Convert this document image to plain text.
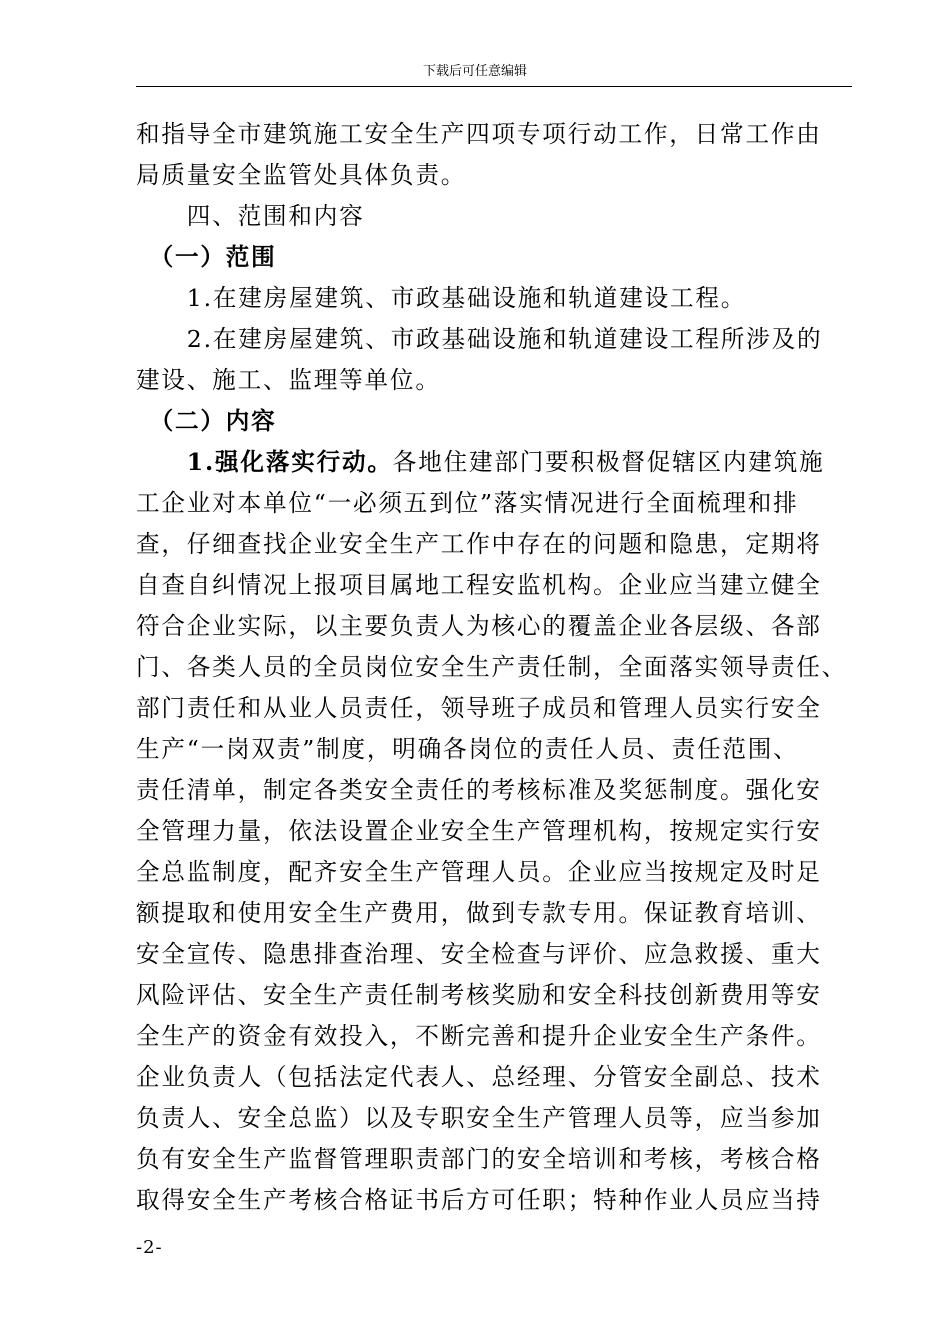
下载后可任意编辑
和指导全市建筑施工安全生产四项专项行动工作，日常工作由
局质量安全监管处具体负责。
　　四、范围和内容
　（一）范围
　　1.在建房屋建筑、市政基础设施和轨道建设工程。
　　2.在建房屋建筑、市政基础设施和轨道建设工程所涉及的
建设、施工、监理等单位。
　（二）内容
　　1.强化落实行动。各地住建部门要积极督促辖区内建筑施
工企业对本单位“一必须五到位”落实情况进行全面梳理和排
查，仔细查找企业安全生产工作中存在的问题和隐患，定期将
自查自纠情况上报项目属地工程安监机构。企业应当建立健全
符合企业实际，以主要负责人为核心的覆盖企业各层级、各部
门、各类人员的全员岗位安全生产责任制，全面落实领导责任、
部门责任和从业人员责任，领导班子成员和管理人员实行安全
生产“一岗双责”制度，明确各岗位的责任人员、责任范围、
责任清单，制定各类安全责任的考核标准及奖惩制度。强化安
全管理力量，依法设置企业安全生产管理机构，按规定实行安
全总监制度，配齐安全生产管理人员。企业应当按规定及时足
额提取和使用安全生产费用，做到专款专用。保证教育培训、
安全宣传、隐患排查治理、安全检查与评价、应急救援、重大
风险评估、安全生产责任制考核奖励和安全科技创新费用等安
全生产的资金有效投入，不断完善和提升企业安全生产条件。
企业负责人（包括法定代表人、总经理、分管安全副总、技术
负责人、安全总监）以及专职安全生产管理人员等，应当参加
负有安全生产监督管理职责部门的安全培训和考核，考核合格
取得安全生产考核合格证书后方可任职；特种作业人员应当持
-2-
